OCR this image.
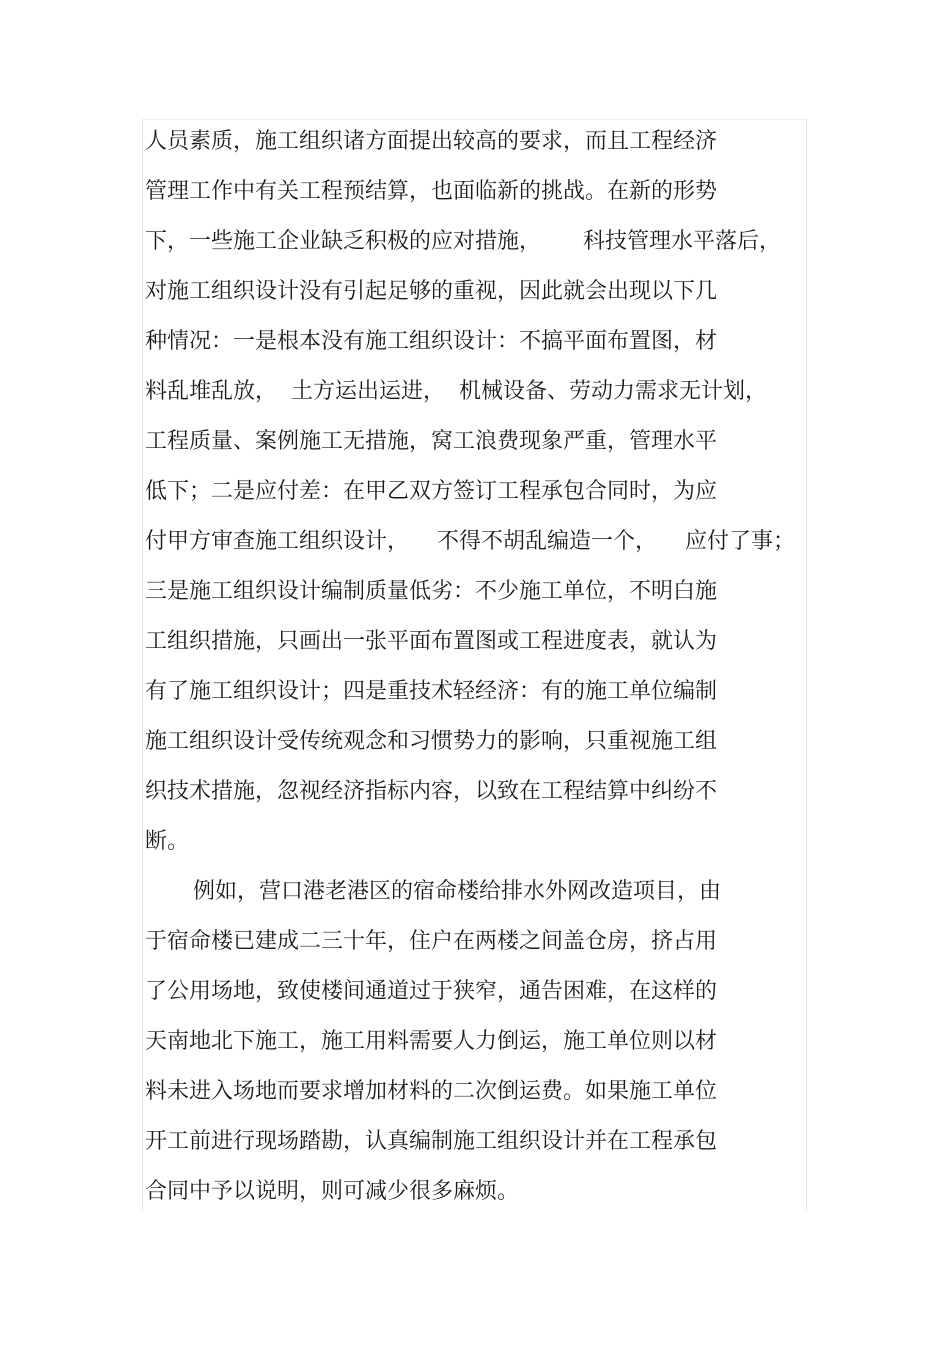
人员素质，施工组织诸方面提出较高的要求，而且工程经济
管理工作中有关工程预结算，也面临新的挑战。在新的形势
下，一些施工企业缺乏积极的应对措施，      科技管理水平落后，
对施工组织设计没有引起足够的重视，因此就会出现以下几
种情况：一是根本没有施工组织设计：不搞平面布置图，材
料乱堆乱放，  土方运出运进，  机械设备、劳动力需求无计划，
工程质量、案例施工无措施，窝工浪费现象严重，管理水平
低下；二是应付差：在甲乙双方签订工程承包合同时，为应
付甲方审查施工组织设计，    不得不胡乱编造一个，    应付了事；
三是施工组织设计编制质量低劣：不少施工单位，不明白施
工组织措施，只画出一张平面布置图或工程进度表，就认为
有了施工组织设计；四是重技术轻经济：有的施工单位编制
施工组织设计受传统观念和习惯势力的影响，只重视施工组
织技术措施，忽视经济指标内容，以致在工程结算中纠纷不
断。
例如，营口港老港区的宿命楼给排水外网改造项目，由
于宿命楼已建成二三十年，住户在两楼之间盖仓房，挤占用
了公用场地，致使楼间通道过于狭窄，通告困难，在这样的
天南地北下施工，施工用料需要人力倒运，施工单位则以材
料未进入场地而要求增加材料的二次倒运费。如果施工单位
开工前进行现场踏勘，认真编制施工组织设计并在工程承包
合同中予以说明，则可减少很多麻烦。
